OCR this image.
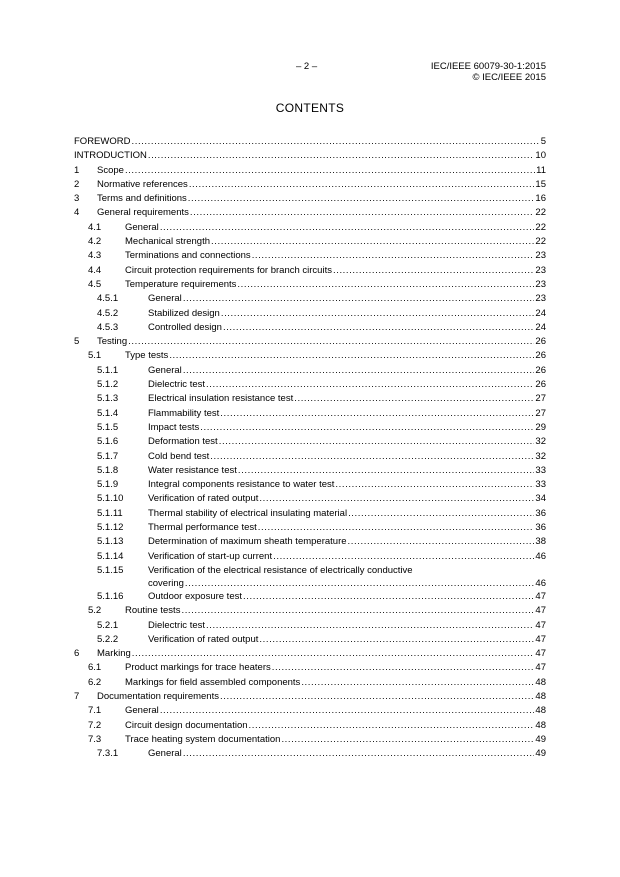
– 2 –	IEC/IEEE 60079-30-1:2015
© IEC/IEEE 2015
CONTENTS
FOREWORD .....	5
INTRODUCTION .....	10
1 Scope .....	11
2 Normative references .....	15
3 Terms and definitions .....	16
4 General requirements .....	22
4.1	General .....	22
4.2	Mechanical strength .....	22
4.3	Terminations and connections .....	23
4.4	Circuit protection requirements for branch circuits .....	23
4.5	Temperature requirements .....	23
4.5.1	General .....	23
4.5.2	Stabilized design .....	24
4.5.3	Controlled design .....	24
5 Testing .....	26
5.1	Type tests .....	26
5.1.1	General .....	26
5.1.2	Dielectric test .....	26
5.1.3	Electrical insulation resistance test .....	27
5.1.4	Flammability test .....	27
5.1.5	Impact tests .....	29
5.1.6	Deformation test .....	32
5.1.7	Cold bend test .....	32
5.1.8	Water resistance test .....	33
5.1.9	Integral components resistance to water test .....	33
5.1.10	Verification of rated output .....	34
5.1.11	Thermal stability of electrical insulating material .....	36
5.1.12	Thermal performance test .....	36
5.1.13	Determination of maximum sheath temperature .....	38
5.1.14	Verification of start-up current .....	46
5.1.15	Verification of the electrical resistance of electrically conductive
covering .....	46
5.1.16	Outdoor exposure test .....	47
5.2	Routine tests .....	47
5.2.1	Dielectric test .....	47
5.2.2	Verification of rated output .....	47
6 Marking .....	47
6.1	Product markings for trace heaters .....	47
6.2	Markings for field assembled components .....	48
7 Documentation requirements .....	48
7.1	General .....	48
7.2	Circuit design documentation .....	48
7.3	Trace heating system documentation .....	49
7.3.1	General .....	49
